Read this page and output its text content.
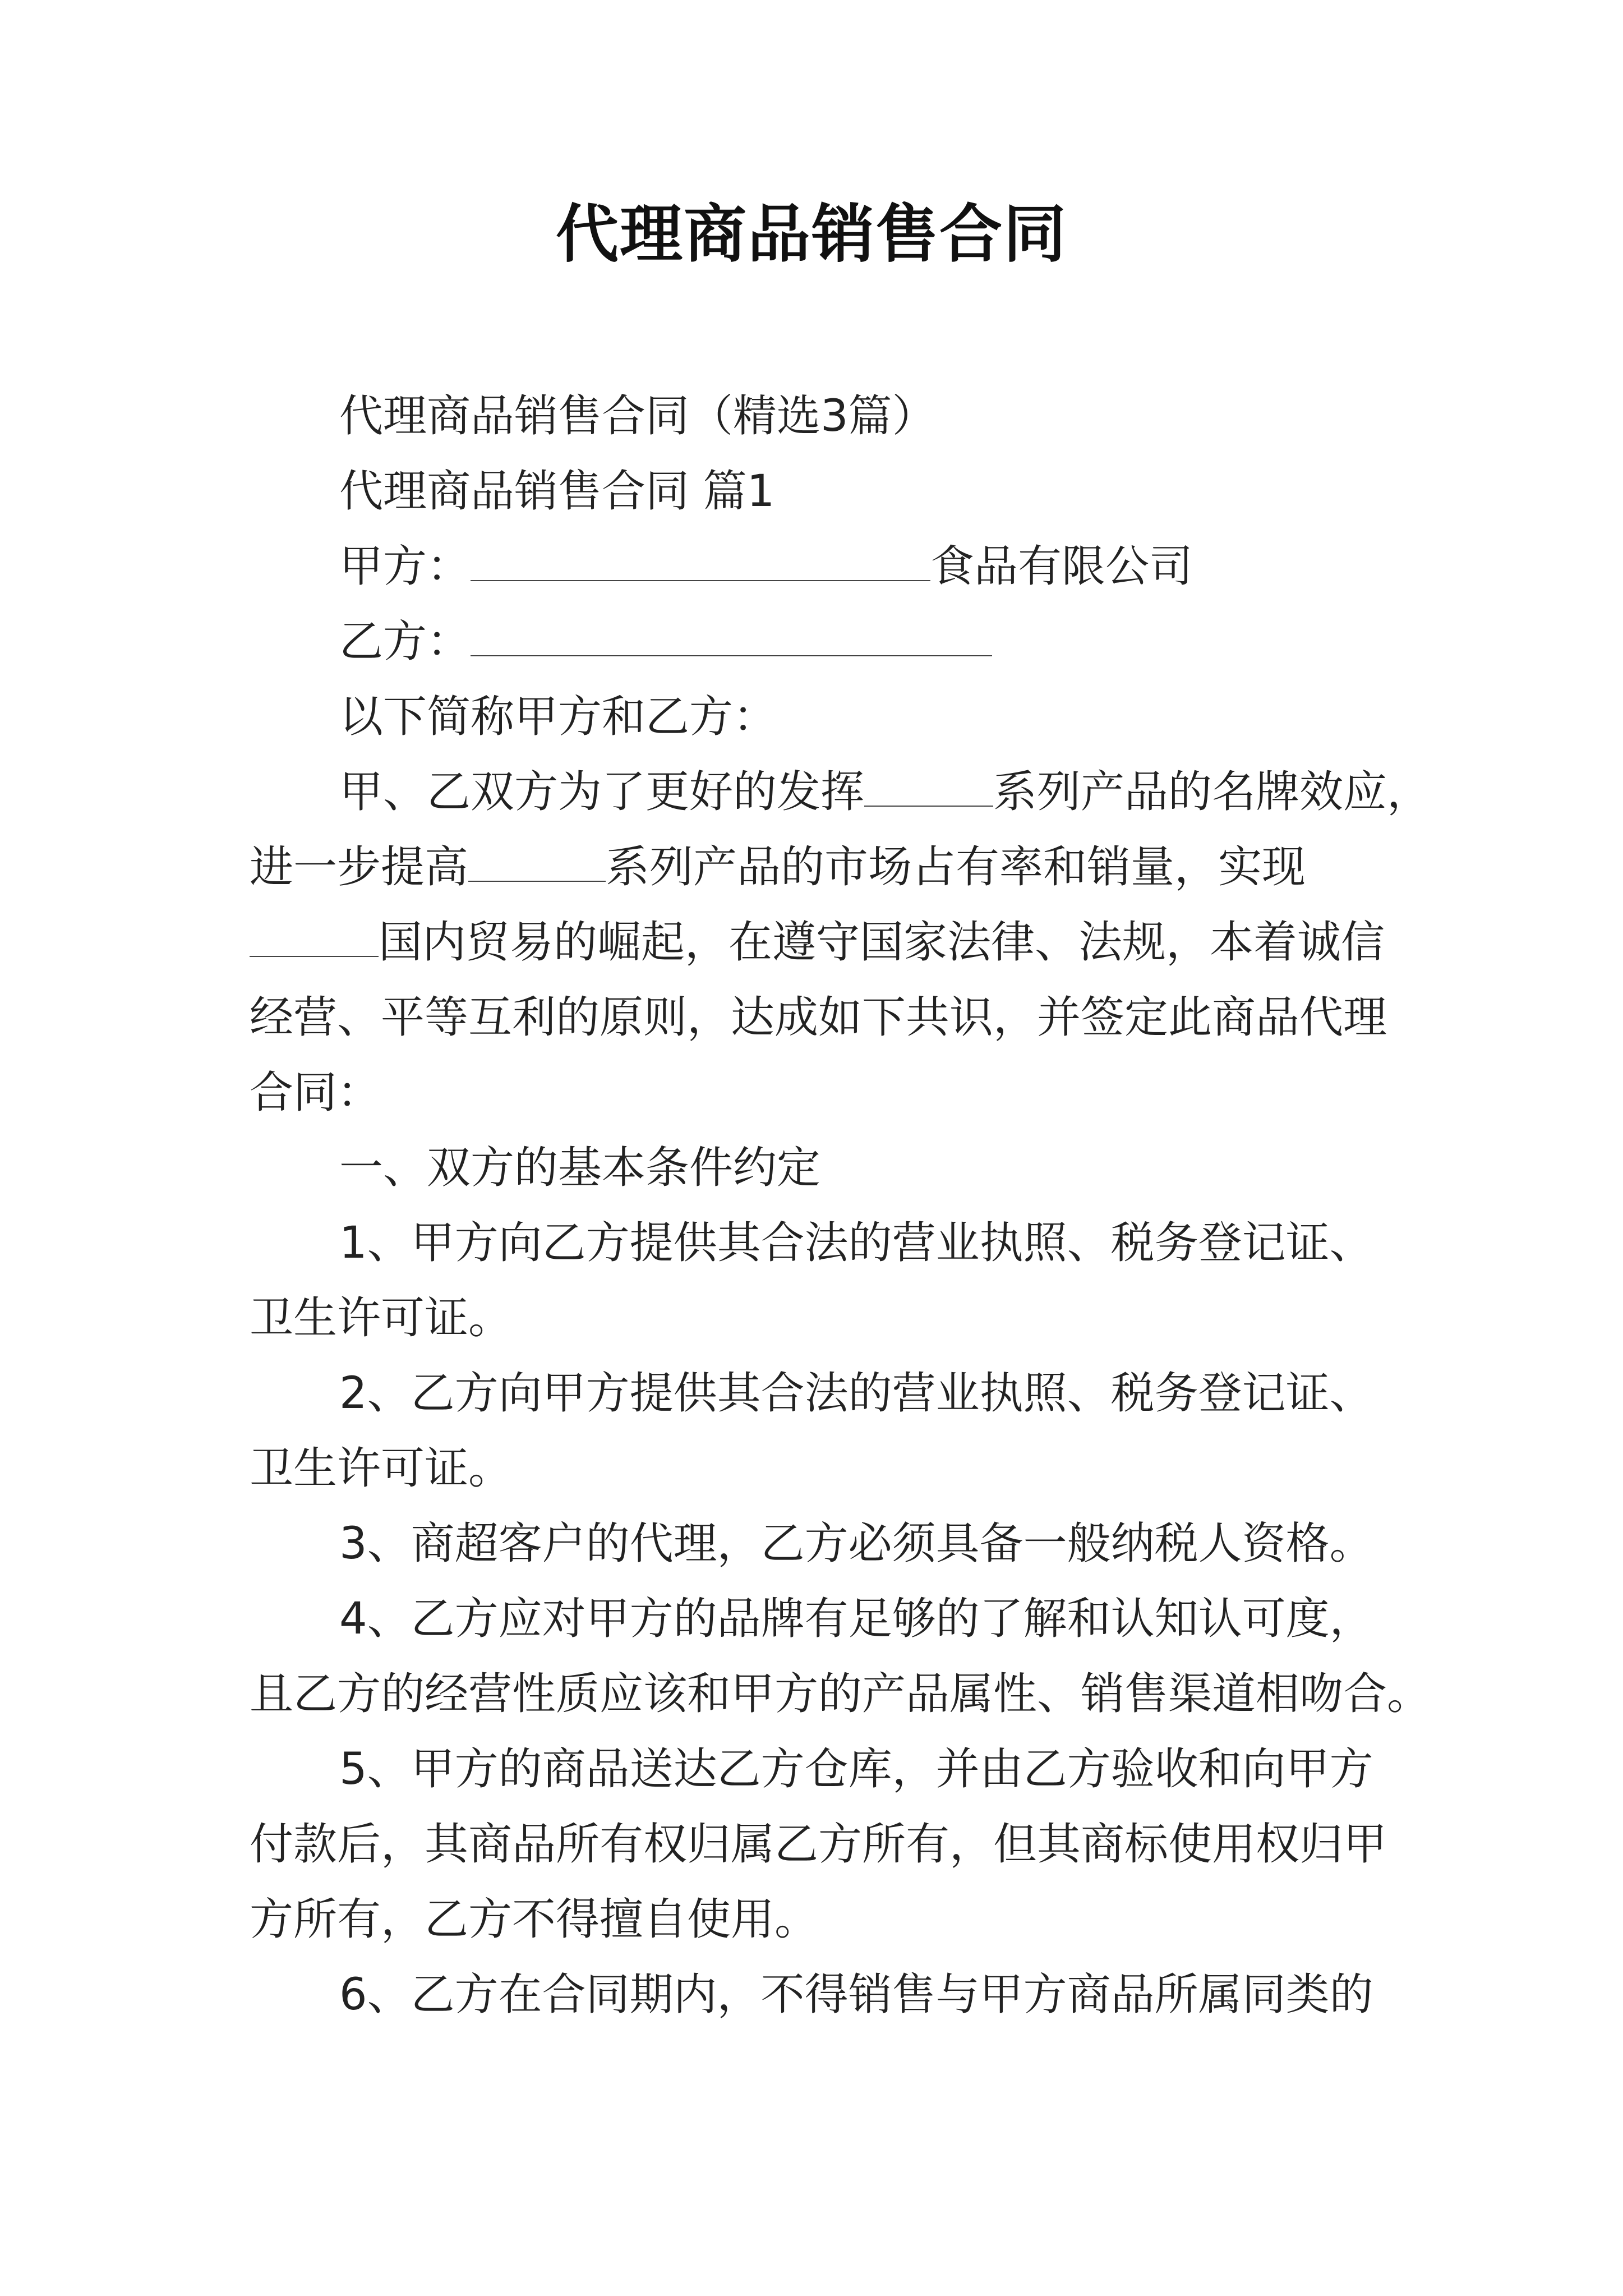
代理商品销售合同
代理商品销售合同（精选3篇）
代理商品销售合同 篇1
甲方：	食品有限公司
乙方：
以下简称甲方和乙方：
甲、乙双方为了更好的发挥	系列产品的名牌效应，
进一步提高	系列产品的市场占有率和销量，实现
国内贸易的崛起，在遵守国家法律、法规，本着诚信
经营、平等互利的原则，达成如下共识，并签定此商品代理
合同：
一、双方的基本条件约定
1、甲方向乙方提供其合法的营业执照、税务登记证、
卫生许可证。
2、乙方向甲方提供其合法的营业执照、税务登记证、
卫生许可证。
3、商超客户的代理，乙方必须具备一般纳税人资格。
4、乙方应对甲方的品牌有足够的了解和认知认可度，
且乙方的经营性质应该和甲方的产品属性、销售渠道相吻合。
5、甲方的商品送达乙方仓库，并由乙方验收和向甲方
付款后，其商品所有权归属乙方所有，但其商标使用权归甲
方所有，乙方不得擅自使用。
6、乙方在合同期内，不得销售与甲方商品所属同类的
